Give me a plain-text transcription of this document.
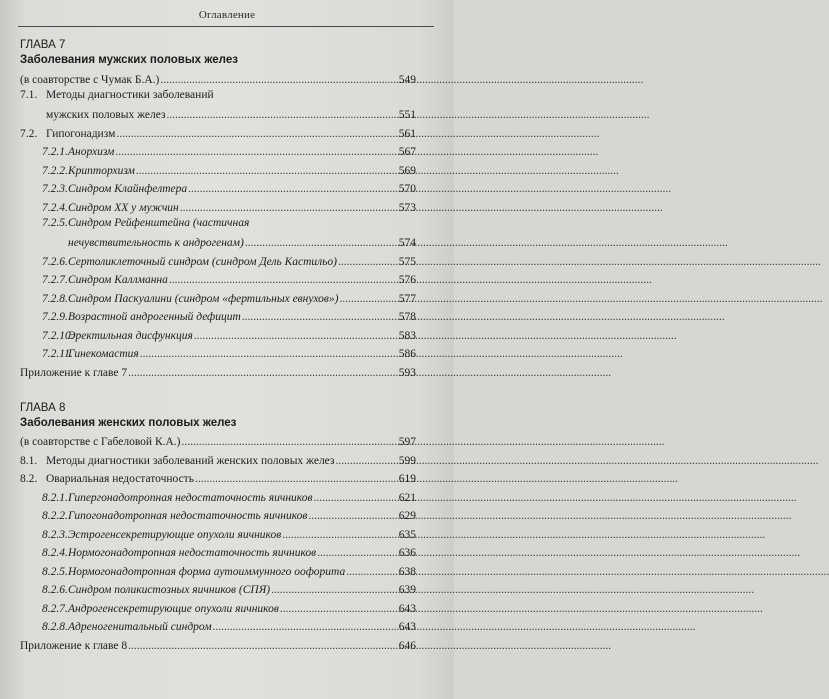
Оглавление
ГЛАВА 7
Заболевания мужских половых желез
(в соавторстве с Чумак Б.А.) .....	549
7.1. Методы диагностики заболеваний
мужских половых желез .....	551
7.2. Гипогонадизм .....	561
7.2.1. Анорхизм .....	567
7.2.2. Крипторхизм .....	569
7.2.3. Синдром Клайнфелтера .....	570
7.2.4. Синдром XX у мужчин .....	573
7.2.5.Синдром Рейфенштейна (частичная
нечувствительность к андрогенам) .....	574
7.2.6. Сертоликлеточный синдром (синдром Дель Кастильо) .....	575
7.2.7. Синдром Каллманна .....	576
7.2.8. Синдром Паскуалини (синдром «фертильных евнухов») .....	577
7.2.9. Возрастной андрогенный дефицит .....	578
7.2.10.
Эректильная дисфункция .....	583
7.2.11.
Гинекомастия .....	586
Приложение к главе 7 .....	593
ГЛАВА 8
Заболевания женских половых желез
(в соавторстве с Габеловой К.А.) .....	597
8.1. Методы диагностики заболеваний женских половых желез .....	599
8.2. Овариальная недостаточность .....	619
8.2.1. Гипергонадотропная недостаточность яичников .....	621
8.2.2. Гипогонадотропная недостаточность яичников .....	629
8.2.3. Эстрогенсекретирующие опухоли яичников .....	635
8.2.4. Нормогонадотропная недостаточность яичников .....	636
8.2.5. Нормогонадотропная форма аутоиммунного оофорита .....	638
8.2.6. Синдром поликистозных яичников (СПЯ) .....	639
8.2.7. Андрогенсекретирующие опухоли яичников .....	643
8.2.8. Адреногенитальный синдром .....	643
Приложение к главе 8 .....	646
